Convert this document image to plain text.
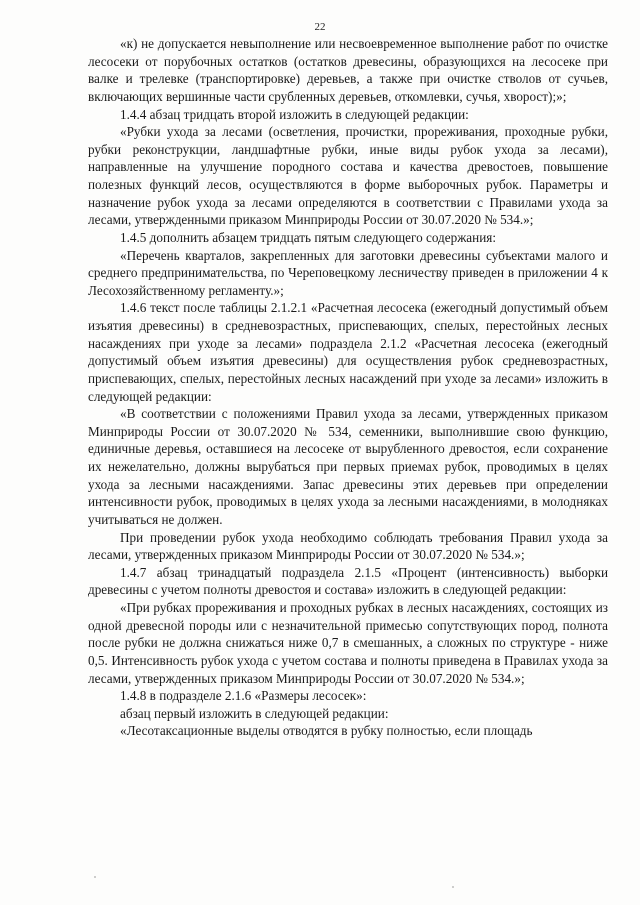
22

«к) не допускается невыполнение или несвоевременное выполнение работ по очистке лесосеки от порубочных остатков (остатков древесины, образующихся на лесосеке при валке и трелевке (транспортировке) деревьев, а также при очистке стволов от сучьев, включающих вершинные части срубленных деревьев, откомлевки, сучья, хворост);»;

1.4.4 абзац тридцать второй изложить в следующей редакции:

«Рубки ухода за лесами (осветления, прочистки, прореживания, проходные рубки, рубки реконструкции, ландшафтные рубки, иные виды рубок ухода за лесами), направленные на улучшение породного состава и качества древостоев, повышение полезных функций лесов, осуществляются в форме выборочных рубок. Параметры и назначение рубок ухода за лесами определяются в соответствии с Правилами ухода за лесами, утвержденными приказом Минприроды России от 30.07.2020 № 534.»;

1.4.5 дополнить абзацем тридцать пятым следующего содержания:

«Перечень кварталов, закрепленных для заготовки древесины субъектами малого и среднего предпринимательства, по Череповецкому лесничеству приведен в приложении 4 к Лесохозяйственному регламенту.»;

1.4.6 текст после таблицы 2.1.2.1 «Расчетная лесосека (ежегодный допустимый объем изъятия древесины) в средневозрастных, приспевающих, спелых, перестойных лесных насаждениях при уходе за лесами» подраздела 2.1.2 «Расчетная лесосека (ежегодный допустимый объем изъятия древесины) для осуществления рубок средневозрастных, приспевающих, спелых, перестойных лесных насаждений при уходе за лесами» изложить в следующей редакции:

«В соответствии с положениями Правил ухода за лесами, утвержденных приказом Минприроды России от 30.07.2020 № 534, семенники, выполнившие свою функцию, единичные деревья, оставшиеся на лесосеке от вырубленного древостоя, если сохранение их нежелательно, должны вырубаться при первых приемах рубок, проводимых в целях ухода за лесными насаждениями. Запас древесины этих деревьев при определении интенсивности рубок, проводимых в целях ухода за лесными насаждениями, в молодняках учитываться не должен.

При проведении рубок ухода необходимо соблюдать требования Правил ухода за лесами, утвержденных приказом Минприроды России от 30.07.2020 № 534.»;

1.4.7 абзац тринадцатый подраздела 2.1.5 «Процент (интенсивность) выборки древесины с учетом полноты древостоя и состава» изложить в следующей редакции:

«При рубках прореживания и проходных рубках в лесных насаждениях, состоящих из одной древесной породы или с незначительной примесью сопутствующих пород, полнота после рубки не должна снижаться ниже 0,7 в смешанных, а сложных по структуре - ниже 0,5. Интенсивность рубок ухода с учетом состава и полноты приведена в Правилах ухода за лесами, утвержденных приказом Минприроды России от 30.07.2020 № 534.»;

1.4.8 в подразделе 2.1.6 «Размеры лесосек»:

абзац первый изложить в следующей редакции:

«Лесотаксационные выделы отводятся в рубку полностью, если площадь
